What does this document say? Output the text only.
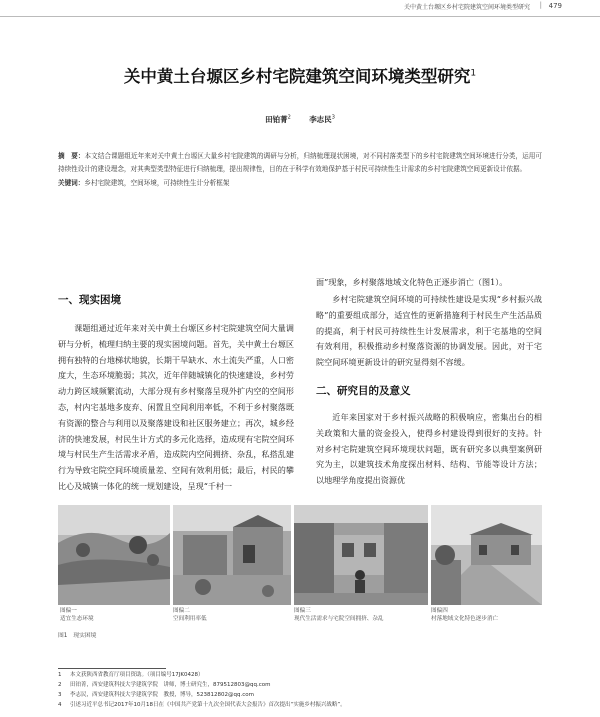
关中黄土台塬区乡村宅院建筑空间环境类型研究 | 479
关中黄土台塬区乡村宅院建筑空间环境类型研究$^1$
田铂菁$^2$ 李志民$^3$

摘　要：本文结合课题组近年来对关中黄土台塬区大量乡村宅院建筑的调研与分析，归纳梳理现状困境，对不同村落类型下的乡村宅院建筑空间环境进行分类，运用可持续性设计的建设理念，对其典型类型特征进行归纳梳理，提出规律性，目的在于科学有效地保护基于村民可持续性生计需求的乡村宅院建筑空间更新设计依据。

关键词：乡村宅院建筑，空间环境，可持续性生计分析框架

一、现实困境

课题组通过近年来对关中黄土台塬区乡村宅院建筑空间大量调研与分析，梳理归纳主要的现实困境问题。首先，关中黄土台塬区拥有独特的台地梯状地貌，长期干旱缺水、水土流失严重，人口密度大，生态环境脆弱；其次，近年伴随城镇化的快速建设，乡村劳动力跨区域频繁流动，大部分现有乡村聚落呈现外扩内空的空间形态，村内宅基地多废弃、闲置且空间利用率低，不利于乡村聚落既有资源的整合与利用以及聚落建设和社区服务建立；再次，城乡经济的快速发展，村民生计方式的多元化选择，造成现有宅院空间环境与村民生产生活需求矛盾，造成院内空间拥挤、杂乱，私搭乱建行为导致宅院空间环境质量差、空间有效利用低；最后，村民的攀比心及城镇一体化的统一规划建设，呈现“千村一

面”现象，乡村聚落地域文化特色正逐步消亡（图1）。

乡村宅院建筑空间环境的可持续性建设是实现“乡村振兴战略”的重要组成部分，适宜性的更新措施利于村民生产生活品质的提高，利于村民可持续性生计发展需求，利于宅基地的空间有效利用，积极推动乡村聚落资源的协调发展。因此，对于宅院空间环境更新设计的研究显得刻不容缓。

二、研究目的及意义

近年来国家对于乡村振兴战略的积极响应，密集出台的相关政策和大量的资金投入，使得乡村建设得到很好的支持。针对乡村宅院建筑空间环境现状问题，既有研究多以典型案例研究为主，以建筑技术角度探出材料、结构、节能等设计方法；以地理学角度提出资源优

图偏一
适宜生态环境
图偏二
空间利用率低
图偏三
现代生活需求与宅院空间拥挤、杂乱
图偏四
村落地域文化特色逐步消亡
图1　现实困境
1 本文获陕西省教育厅项目资助。（项目编号17JK0428）
2 田铂菁，西安建筑科技大学建筑学院　讲师，博士研究生，879512803@qq.com
3 李志民，西安建筑科技大学建筑学院　教授，博导，523812802@qq.com
4 引述习近平总书记2017年10月18日在《中国共产党第十九次全国代表大会报告》首次提出“实施乡村振兴战略”。
